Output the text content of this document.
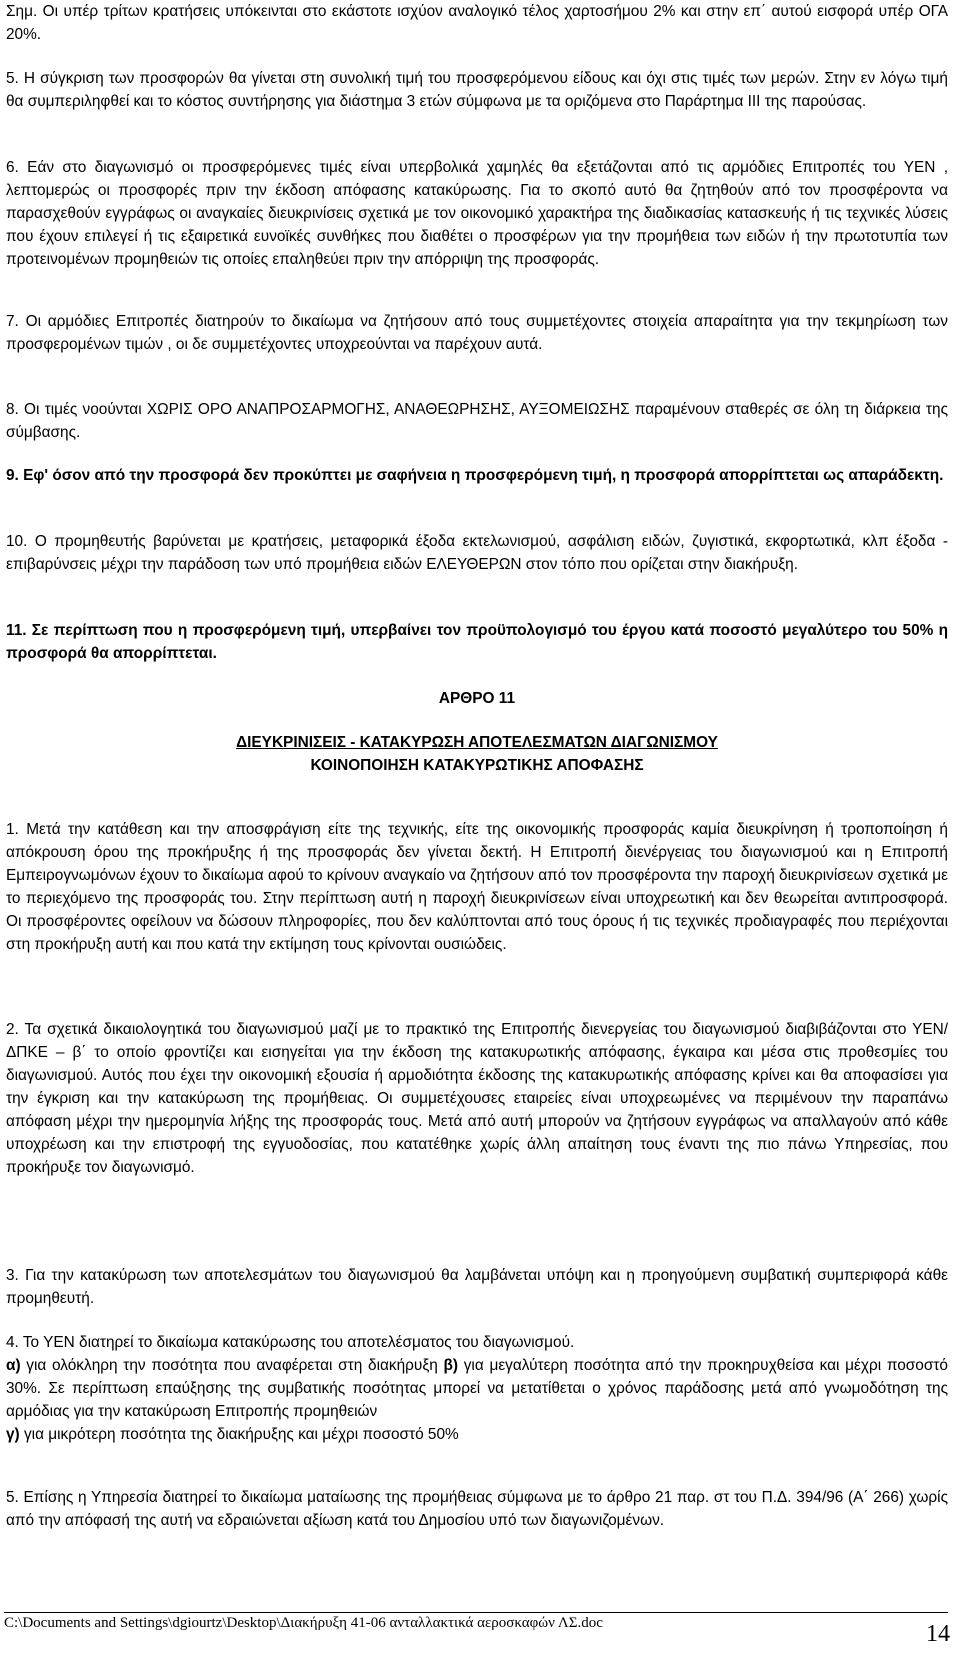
Σημ. Οι υπέρ τρίτων κρατήσεις υπόκεινται στο εκάστοτε ισχύον αναλογικό τέλος χαρτοσήμου 2% και στην επ΄ αυτού εισφορά υπέρ ΟΓΑ 20%.

5. Η σύγκριση των προσφορών θα γίνεται στη συνολική τιμή του προσφερόμενου είδους και όχι στις τιμές των μερών. Στην εν λόγω τιμή θα συμπεριληφθεί και το κόστος συντήρησης για διάστημα 3 ετών σύμφωνα με τα οριζόμενα στο Παράρτημα ΙΙΙ της παρούσας.

6. Εάν στο διαγωνισμό οι προσφερόμενες τιμές είναι υπερβολικά χαμηλές θα εξετάζονται από τις αρμόδιες Επιτροπές του ΥΕΝ , λεπτομερώς οι προσφορές πριν την έκδοση απόφασης κατακύρωσης. Για το σκοπό αυτό θα ζητηθούν από τον προσφέροντα να παρασχεθούν εγγράφως οι αναγκαίες διευκρινίσεις σχετικά με τον οικονομικό χαρακτήρα της διαδικασίας κατασκευής ή τις τεχνικές λύσεις που έχουν επιλεγεί ή τις εξαιρετικά ευνοϊκές συνθήκες που διαθέτει ο προσφέρων για την προμήθεια των ειδών ή την πρωτοτυπία των προτεινομένων προμηθειών τις οποίες επαληθεύει πριν την απόρριψη της προσφοράς.

7. Οι αρμόδιες Επιτροπές διατηρούν το δικαίωμα να ζητήσουν από τους συμμετέχοντες στοιχεία απαραίτητα για την τεκμηρίωση των προσφερομένων τιμών , οι δε συμμετέχοντες υποχρεούνται να παρέχουν αυτά.

8. Οι τιμές νοούνται ΧΩΡΙΣ ΟΡΟ ΑΝΑΠΡΟΣΑΡΜΟΓΗΣ, ΑΝΑΘΕΩΡΗΣΗΣ, ΑΥΞΟΜΕΙΩΣΗΣ παραμένουν σταθερές σε όλη τη διάρκεια της σύμβασης.

9. Εφ' όσον από την προσφορά δεν προκύπτει με σαφήνεια η προσφερόμενη τιμή, η προσφορά απορρίπτεται ως απαράδεκτη.

10. Ο προμηθευτής βαρύνεται με κρατήσεις, μεταφορικά έξοδα εκτελωνισμού, ασφάλιση ειδών, ζυγιστικά, εκφορτωτικά, κλπ έξοδα - επιβαρύνσεις μέχρι την παράδοση των υπό προμήθεια ειδών ΕΛΕΥΘΕΡΩΝ στον τόπο που ορίζεται στην διακήρυξη.

11. Σε περίπτωση που η προσφερόμενη τιμή, υπερβαίνει τον προϋπολογισμό του έργου κατά ποσοστό μεγαλύτερο του 50% η προσφορά θα απορρίπτεται.

ΑΡΘΡΟ 11

ΔΙΕΥΚΡΙΝΙΣΕΙΣ - ΚΑΤΑΚΥΡΩΣΗ ΑΠΟΤΕΛΕΣΜΑΤΩΝ ΔΙΑΓΩΝΙΣΜΟΥ

ΚΟΙΝΟΠΟΙΗΣΗ ΚΑΤΑΚΥΡΩΤΙΚΗΣ ΑΠΟΦΑΣΗΣ

1. Μετά την κατάθεση και την αποσφράγιση είτε της τεχνικής, είτε της οικονομικής προσφοράς καμία διευκρίνηση ή τροποποίηση ή απόκρουση όρου της προκήρυξης ή της προσφοράς δεν γίνεται δεκτή. Η Επιτροπή διενέργειας του διαγωνισμού και η Επιτροπή Εμπειρογνωμόνων έχουν το δικαίωμα αφού το κρίνουν αναγκαίο να ζητήσουν από τον προσφέροντα την παροχή διευκρινίσεων σχετικά με το περιεχόμενο της προσφοράς του. Στην περίπτωση αυτή η παροχή διευκρινίσεων είναι υποχρεωτική και δεν θεωρείται αντιπροσφορά. Οι προσφέροντες οφείλουν να δώσουν πληροφορίες, που δεν καλύπτονται από τους όρους ή τις τεχνικές προδιαγραφές που περιέχονται στη προκήρυξη αυτή και που κατά την εκτίμηση τους κρίνονται ουσιώδεις.

2. Τα σχετικά δικαιολογητικά του διαγωνισμού μαζί με το πρακτικό της Επιτροπής διενεργείας του διαγωνισμού διαβιβάζονται στο ΥΕΝ/ΔΠΚΕ – β΄ το οποίο φροντίζει και εισηγείται για την έκδοση της κατακυρωτικής απόφασης, έγκαιρα και μέσα στις προθεσμίες του διαγωνισμού. Αυτός που έχει την οικονομική εξουσία ή αρμοδιότητα έκδοσης της κατακυρωτικής απόφασης κρίνει και θα αποφασίσει για την έγκριση και την κατακύρωση της προμήθειας. Οι συμμετέχουσες εταιρείες είναι υποχρεωμένες να περιμένουν την παραπάνω απόφαση μέχρι την ημερομηνία λήξης της προσφοράς τους. Μετά από αυτή μπορούν να ζητήσουν εγγράφως να απαλλαγούν από κάθε υποχρέωση και την επιστροφή της εγγυοδοσίας, που κατατέθηκε χωρίς άλλη απαίτηση τους έναντι της πιο πάνω Υπηρεσίας, που προκήρυξε τον διαγωνισμό.

3. Για την κατακύρωση των αποτελεσμάτων του διαγωνισμού θα λαμβάνεται υπόψη και η προηγούμενη συμβατική συμπεριφορά κάθε προμηθευτή.

4. Το ΥΕΝ διατηρεί το δικαίωμα κατακύρωσης του αποτελέσματος του διαγωνισμού.
α) για ολόκληρη την ποσότητα που αναφέρεται στη διακήρυξη β) για μεγαλύτερη ποσότητα από την προκηρυχθείσα και μέχρι ποσοστό 30%. Σε περίπτωση επαύξησης της συμβατικής ποσότητας μπορεί να μετατίθεται ο χρόνος παράδοσης μετά από γνωμοδότηση της αρμόδιας για την κατακύρωση Επιτροπής προμηθειών
γ) για μικρότερη ποσότητα της διακήρυξης και μέχρι ποσοστό 50%

5. Επίσης η Υπηρεσία διατηρεί το δικαίωμα ματαίωσης της προμήθειας σύμφωνα με το άρθρο 21 παρ. στ του Π.Δ. 394/96 (Α΄ 266) χωρίς από την απόφασή της αυτή να εδραιώνεται αξίωση κατά του Δημοσίου υπό των διαγωνιζομένων.

C:\Documents and Settings\dgiourtz\Desktop\Διακήρυξη 41-06 ανταλλακτικά αεροσκαφών ΛΣ.doc	14
